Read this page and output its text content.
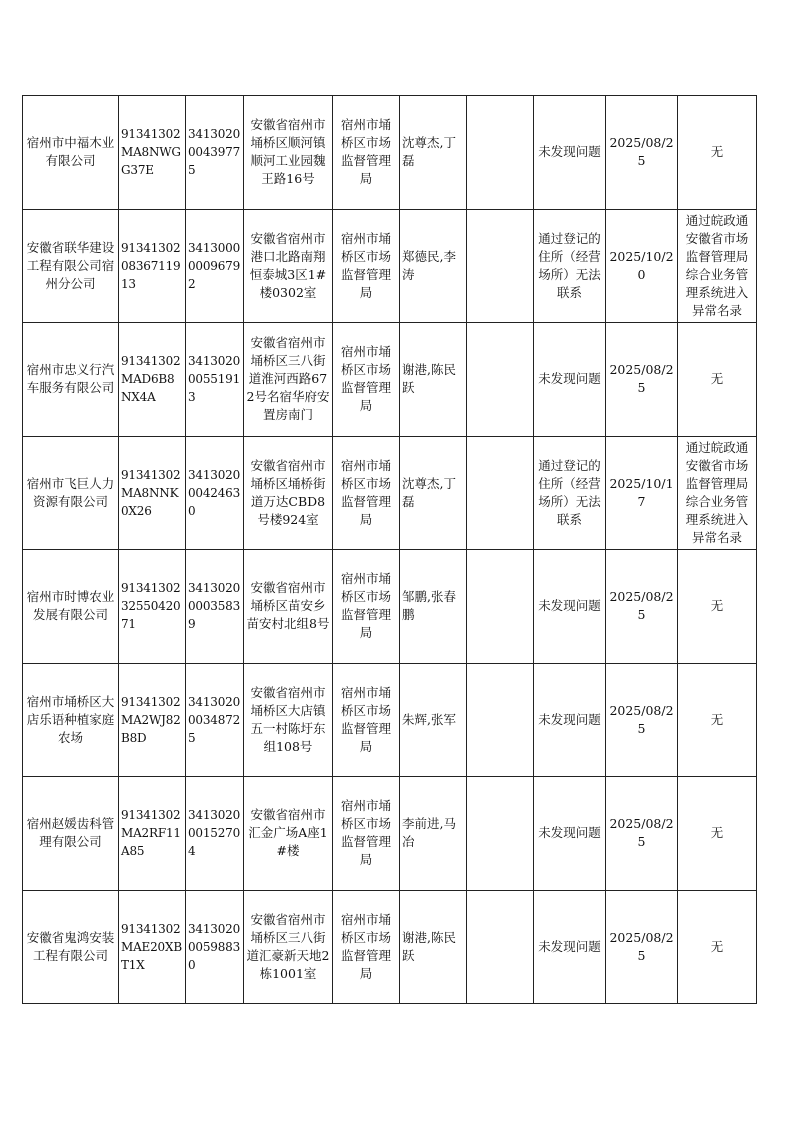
宿州市中福木业有限公司	91341302MA8NWGG37E	341302000439775	安徽省宿州市埇桥区顺河镇顺河工业园魏王路16号	宿州市埇桥区市场监督管理局	沈尊杰,丁磊		未发现问题	2025/08/25	无
安徽省联华建设工程有限公司宿州分公司	913413020836711913	341300000096792	安徽省宿州市港口北路南翔恒泰城3区1#楼0302室	宿州市埇桥区市场监督管理局	郑德民,李涛		通过登记的住所（经营场所）无法联系	2025/10/20	通过皖政通安徽省市场监督管理局综合业务管理系统进入异常名录
宿州市忠义行汽车服务有限公司	91341302MAD6B8NX4A	341302000551913	安徽省宿州市埇桥区三八街道淮河西路672号名宿华府安置房南门	宿州市埇桥区市场监督管理局	谢港,陈民跃		未发现问题	2025/08/25	无
宿州市飞巨人力资源有限公司	91341302MA8NNK0X26	341302000424630	安徽省宿州市埇桥区埇桥街道万达CBD8号楼924室	宿州市埇桥区市场监督管理局	沈尊杰,丁磊		通过登记的住所（经营场所）无法联系	2025/10/17	通过皖政通安徽省市场监督管理局综合业务管理系统进入异常名录
宿州市时博农业发展有限公司	913413023255042071	341302000035839	安徽省宿州市埇桥区苗安乡苗安村北组8号	宿州市埇桥区市场监督管理局	邹鹏,张春鹏		未发现问题	2025/08/25	无
宿州市埇桥区大店乐语种植家庭农场	91341302MA2WJ82B8D	341302000348725	安徽省宿州市埇桥区大店镇五一村陈圩东组108号	宿州市埇桥区市场监督管理局	朱辉,张军		未发现问题	2025/08/25	无
宿州赵媛齿科管理有限公司	91341302MA2RF11A85	341302000152704	安徽省宿州市汇金广场A座1#楼	宿州市埇桥区市场监督管理局	李前进,马冶		未发现问题	2025/08/25	无
安徽省鬼鸿安装工程有限公司	91341302MAE20XBT1X	341302000598830	安徽省宿州市埇桥区三八街道汇豪新天地2栋1001室	宿州市埇桥区市场监督管理局	谢港,陈民跃		未发现问题	2025/08/25	无
